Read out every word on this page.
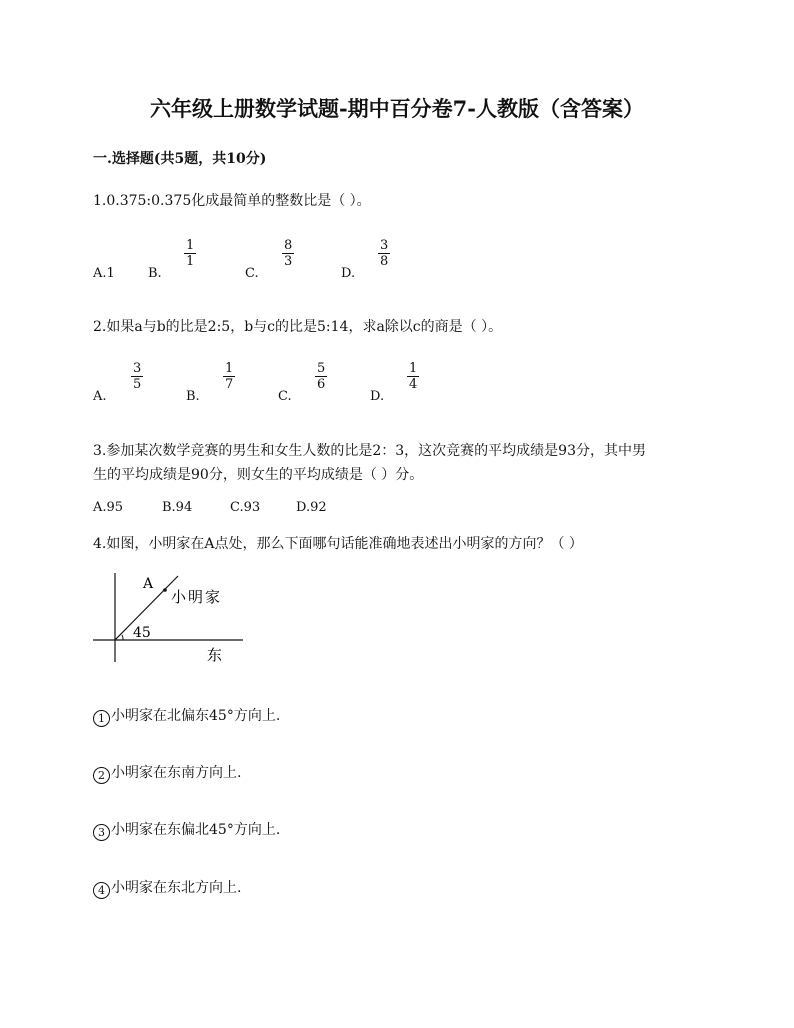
六年级上册数学试题-期中百分卷7-人教版（含答案）
一.选择题(共5题，共10分)
1.0.375:0.375化成最简单的整数比是（ ）。
A.1	B.
$\frac{1}{1}$
C.
$\frac{8}{3}$
D.
$\frac{3}{8}$
2.如果a与b的比是2:5，b与c的比是5:14，求a除以c的商是（ ）。
A.
$\frac{3}{5}$
B.
$\frac{1}{7}$
C.
$\frac{5}{6}$
D.
$\frac{1}{4}$
3.参加某次数学竞赛的男生和女生人数的比是2：3，这次竞赛的平均成绩是93分，其中男
生的平均成绩是90分，则女生的平均成绩是（ ）分。
A.95	B.94	C.93	D.92
4.如图，小明家在A点处，那么下面哪句话能准确地表述出小明家的方向？（ ）
A
小明家
45
东
1 小明家在北偏东45°方向上.
2 小明家在东南方向上.
3 小明家在东偏北45°方向上.
4 小明家在东北方向上.
